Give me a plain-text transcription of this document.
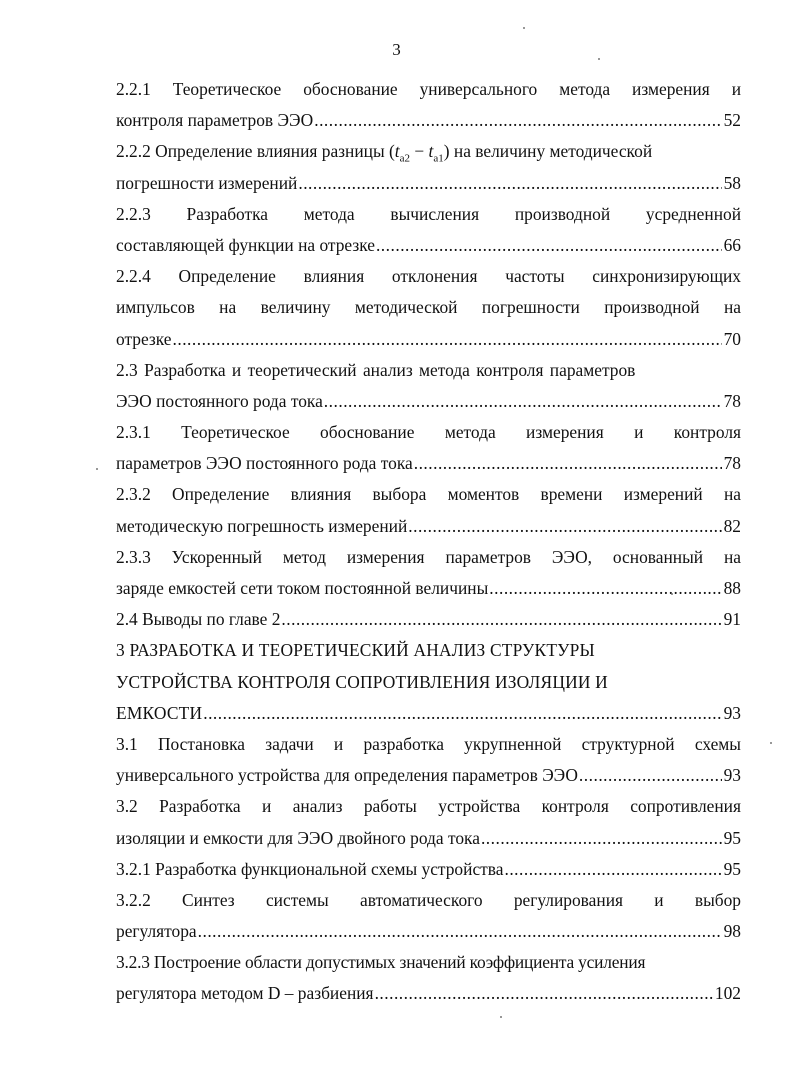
3
2.2.1 Теоретическое обоснование универсального метода измерения и
контроля параметров ЭЭО .....	52
2.2.2 Определение влияния разницы $(t_{a2} - t_{a1})$ на величину методической
погрешности измерений .....	58
2.2.3 Разработка метода вычисления производной усредненной
составляющей функции на отрезке .....	66
2.2.4 Определение влияния отклонения частоты синхронизирующих
импульсов на величину методической погрешности производной на
отрезке .....	70
2.3 Разработка и теоретический анализ метода контроля параметров
ЭЭО постоянного рода тока .....	78
2.3.1 Теоретическое обоснование метода измерения и контроля
параметров ЭЭО постоянного рода тока .....	78
2.3.2 Определение влияния выбора моментов времени измерений на
методическую погрешность измерений .....	82
2.3.3 Ускоренный метод измерения параметров ЭЭО, основанный на
заряде емкостей сети током постоянной величины .....	88
2.4 Выводы по главе 2 .....	91
3 РАЗРАБОТКА И ТЕОРЕТИЧЕСКИЙ АНАЛИЗ СТРУКТУРЫ
УСТРОЙСТВА КОНТРОЛЯ СОПРОТИВЛЕНИЯ ИЗОЛЯЦИИ И
ЕМКОСТИ .....	93
3.1 Постановка задачи и разработка укрупненной структурной схемы
универсального устройства для определения параметров ЭЭО .....	93
3.2 Разработка и анализ работы устройства контроля сопротивления
изоляции и емкости для ЭЭО двойного рода тока .....	95
3.2.1 Разработка функциональной схемы устройства .....	95
3.2.2 Синтез системы автоматического регулирования и выбор
регулятора .....	98
3.2.3 Построение области допустимых значений коэффициента усиления
регулятора методом D – разбиения .....	102
